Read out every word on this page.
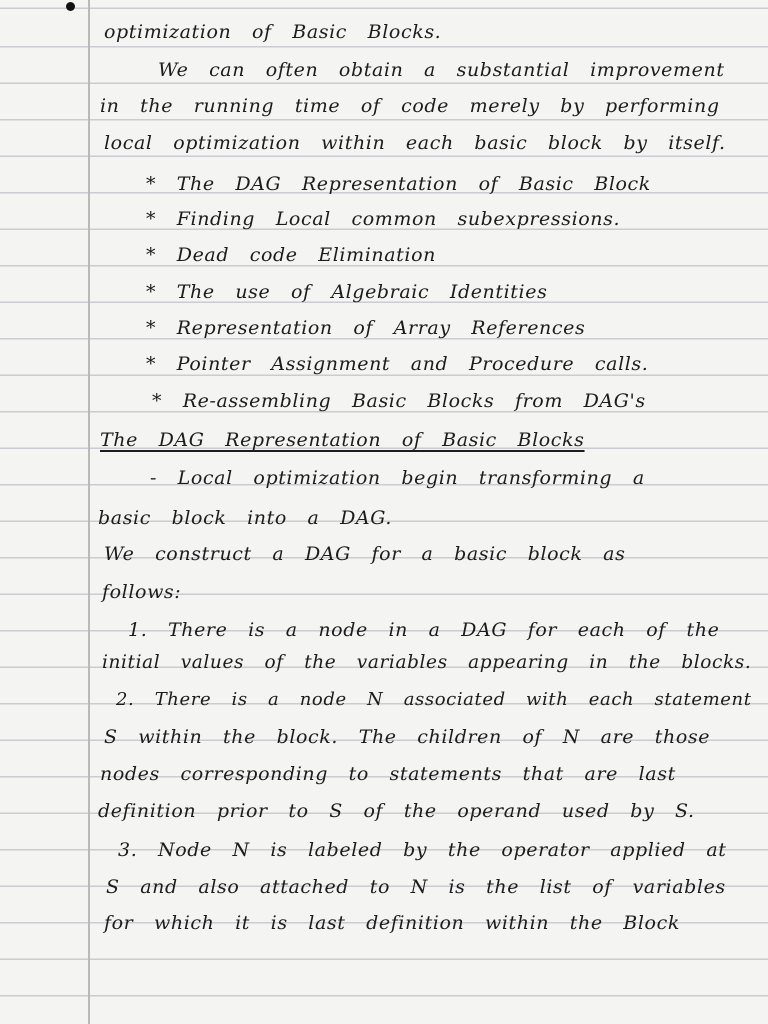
optimization of Basic Blocks.
We can often obtain a substantial improvement
in the running time of code merely by performing
local optimization within each basic block by itself.
* The DAG Representation of Basic Block
* Finding Local common subexpressions.
* Dead code Elimination
* The use of Algebraic Identities
* Representation of Array References
* Pointer Assignment and Procedure calls.
* Re-assembling Basic Blocks from DAG's
The DAG Representation of Basic Blocks
- Local optimization begin transforming a
basic block into a DAG.
We construct a DAG for a basic block as
follows:
1. There is a node in a DAG for each of the
initial values of the variables appearing in the blocks.
2. There is a node N associated with each statement
S within the block. The children of N are those
nodes corresponding to statements that are last
definition prior to S of the operand used by S.
3. Node N is labeled by the operator applied at
S and also attached to N is the list of variables
for which it is last definition within the Block
